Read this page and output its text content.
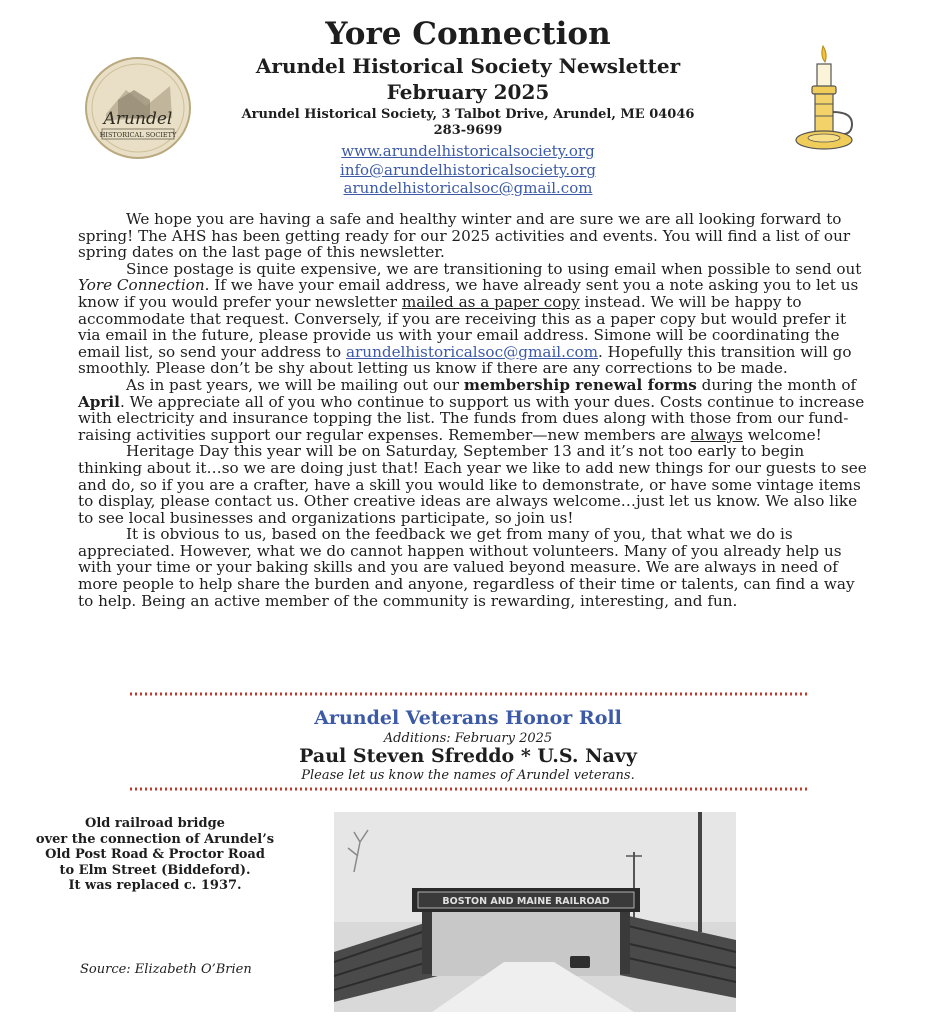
Yore Connection
Arundel Historical Society Newsletter
February 2025
Arundel Historical Society, 3 Talbot Drive, Arundel, ME 04046
283-9699
www.arundelhistoricalsociety.org
info@arundelhistoricalsociety.org
arundelhistoricalsoc@gmail.com
Arundel
HISTORICAL SOCIETY

We hope you are having a safe and healthy winter and are sure we are all looking forward to spring! The AHS has been getting ready for our 2025 activities and events. You will find a list of our spring dates on the last page of this newsletter.

Since postage is quite expensive, we are transitioning to using email when possible to send out Yore Connection. If we have your email address, we have already sent you a note asking you to let us know if you would prefer your newsletter mailed as a paper copy instead. We will be happy to accommodate that request. Conversely, if you are receiving this as a paper copy but would prefer it via email in the future, please provide us with your email address. Simone will be coordinating the email list, so send your address to arundelhistoricalsoc@gmail.com. Hopefully this transition will go smoothly. Please don’t be shy about letting us know if there are any corrections to be made.

As in past years, we will be mailing out our membership renewal forms during the month of April. We appreciate all of you who continue to support us with your dues. Costs continue to increase with electricity and insurance topping the list. The funds from dues along with those from our fund-raising activities support our regular expenses. Remember—new members are always welcome!

Heritage Day this year will be on Saturday, September 13 and it’s not too early to begin thinking about it…so we are doing just that! Each year we like to add new things for our guests to see and do, so if you are a crafter, have a skill you would like to demonstrate, or have some vintage items to display, please contact us. Other creative ideas are always welcome…just let us know. We also like to see local businesses and organizations participate, so join us!

It is obvious to us, based on the feedback we get from many of you, that what we do is appreciated. However, what we do cannot happen without volunteers. Many of you already help us with your time or your baking skills and you are valued beyond measure. We are always in need of more people to help share the burden and anyone, regardless of their time or talents, can find a way to help. Being an active member of the community is rewarding, interesting, and fun.

Arundel Veterans Honor Roll
Additions: February 2025
Paul Steven Sfreddo * U.S. Navy
Please let us know the names of Arundel veterans.
Old railroad bridge
over the connection of Arundel’s
Old Post Road & Proctor Road
to Elm Street (Biddeford).
It was replaced c. 1937.
Source: Elizabeth O’Brien
BOSTON AND MAINE RAILROAD
